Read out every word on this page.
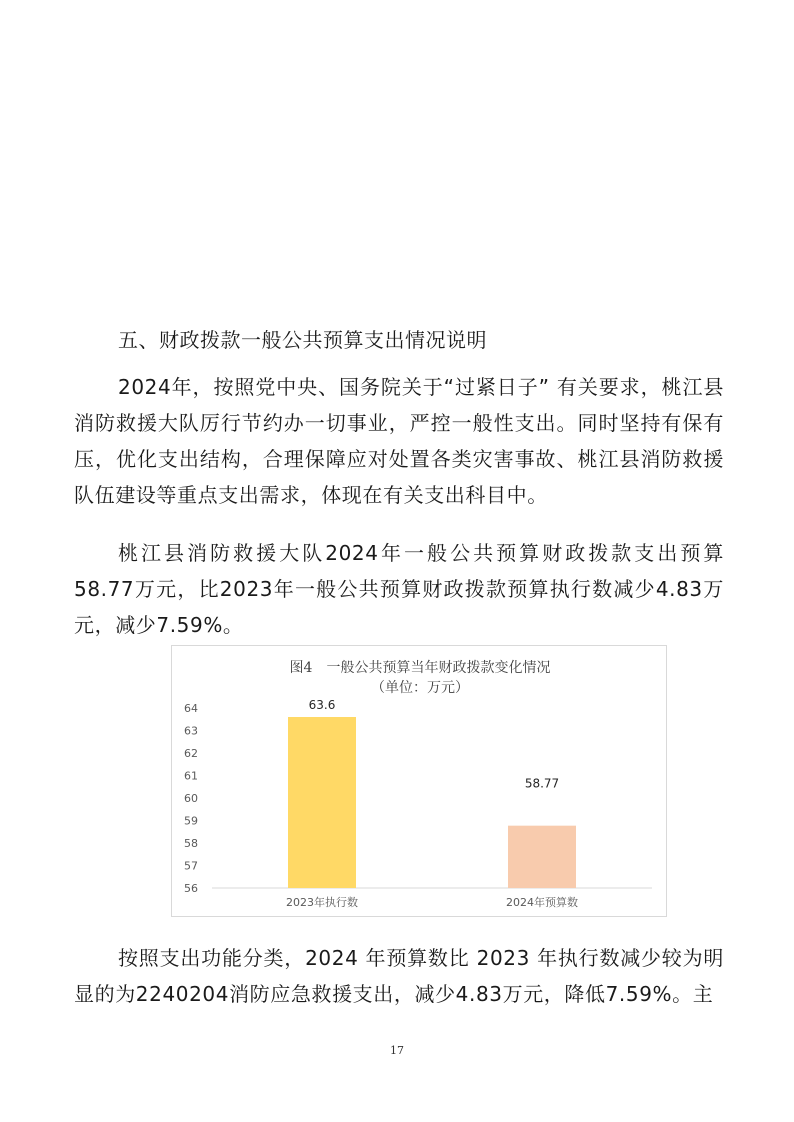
五、财政拨款一般公共预算支出情况说明

2024年，按照党中央、国务院关于“过紧日子” 有关要求，桃江县消防救援大队厉行节约办一切事业，严控一般性支出。同时坚持有保有压，优化支出结构，合理保障应对处置各类灾害事故、桃江县消防救援队伍建设等重点支出需求，体现在有关支出科目中。

桃江县消防救援大队2024年一般公共预算财政拨款支出预算58.77万元，比2023年一般公共预算财政拨款预算执行数减少4.83万元，减少7.59%。

图4　一般公共预算当年财政拨款变化情况
（单位：万元）
56
57
58
59
60
61
62
63
64	63.6
58.77
2023年执行数	2024年预算数

按照支出功能分类，2024 年预算数比 2023 年执行数减少较为明显的为2240204消防应急救援支出，减少4.83万元，降低7.59%。主

17
